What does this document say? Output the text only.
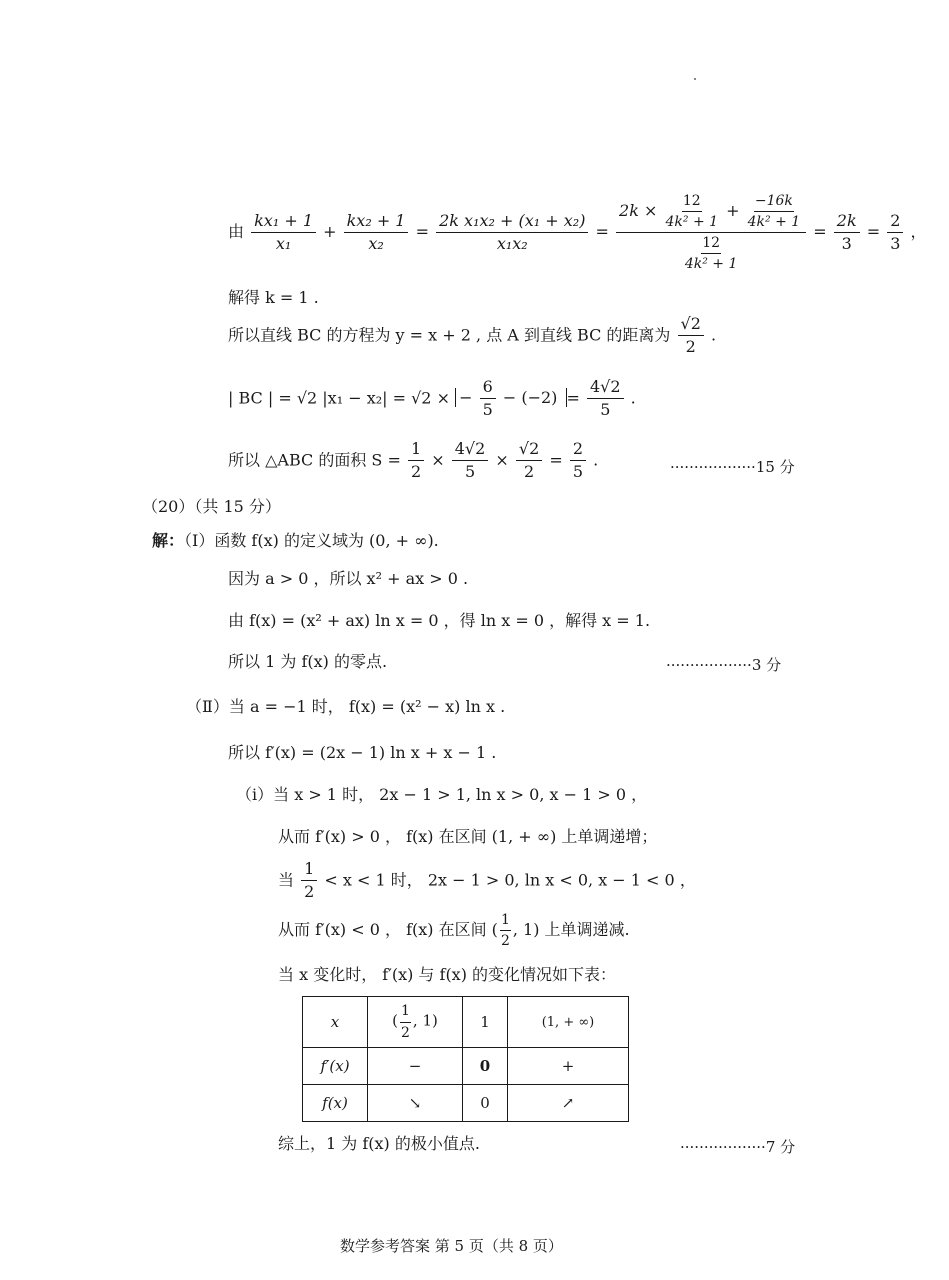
由 $\frac{\text{kx₁ + 1}}{\text{x₁}} + \frac{\text{kx₂ + 1}}{\text{x₂}} = \frac{\text{2k x₁x₂ + (x₁ + x₂)}}{\text{x₁x₂}} = \frac{2k \times \frac{12}{\text{4k² + 1}} + \frac{-16k}{\text{4k² + 1}}}{\frac{12}{\text{4k² + 1}}} = \frac{2k}{3} = \frac{2}{3}$ ，
解得 k = 1 .
所以直线 BC 的方程为 y = x + 2 , 点 A 到直线 BC 的距离为 $\frac{√2}{2}$ .
| BC | = √2 |x₁ − x₂| = √2 × − $\frac{6}{5} - (-2) = \frac{4√2}{5}$ .
所以 △ABC 的面积 $S = \frac{1}{2} \times \frac{4√2}{5} \times \frac{√2}{2} = \frac{2}{5}$ .	··················15 分
（20）（共 15 分）
解：（Ⅰ）函数 f(x) 的定义域为 (0, + ∞).
因为 a > 0 ，所以 x² + ax > 0 .
由 f(x) = (x² + ax) ln x = 0 ，得 ln x = 0 ，解得 x = 1.
所以 1 为 f(x) 的零点.	··················3 分
（Ⅱ）当 a = −1 时， f(x) = (x² − x) ln x .
所以 f′(x) = (2x − 1) ln x + x − 1 .
（i）当 x > 1 时， 2x − 1 > 1, ln x > 0, x − 1 > 0 ，
从而 f′(x) > 0 ， f(x) 在区间 (1, + ∞) 上单调递增；
当 $\frac{1}{2} < x < 1$ 时， 2x − 1 > 0, ln x < 0, x − 1 < 0 ，
从而 f′(x) < 0 ， f(x) 在区间 ( $\frac{1}{2}$ , 1) 上单调递减.
当 x 变化时， f′(x) 与 f(x) 的变化情况如下表：
x	( $\frac{1}{2}$ , 1)	1	(1, + ∞)
f′(x)	−	0	+
f(x)	↘	0	↗
综上，1 为 f(x) 的极小值点.	··················7 分
数学参考答案 第 5 页（共 8 页）
